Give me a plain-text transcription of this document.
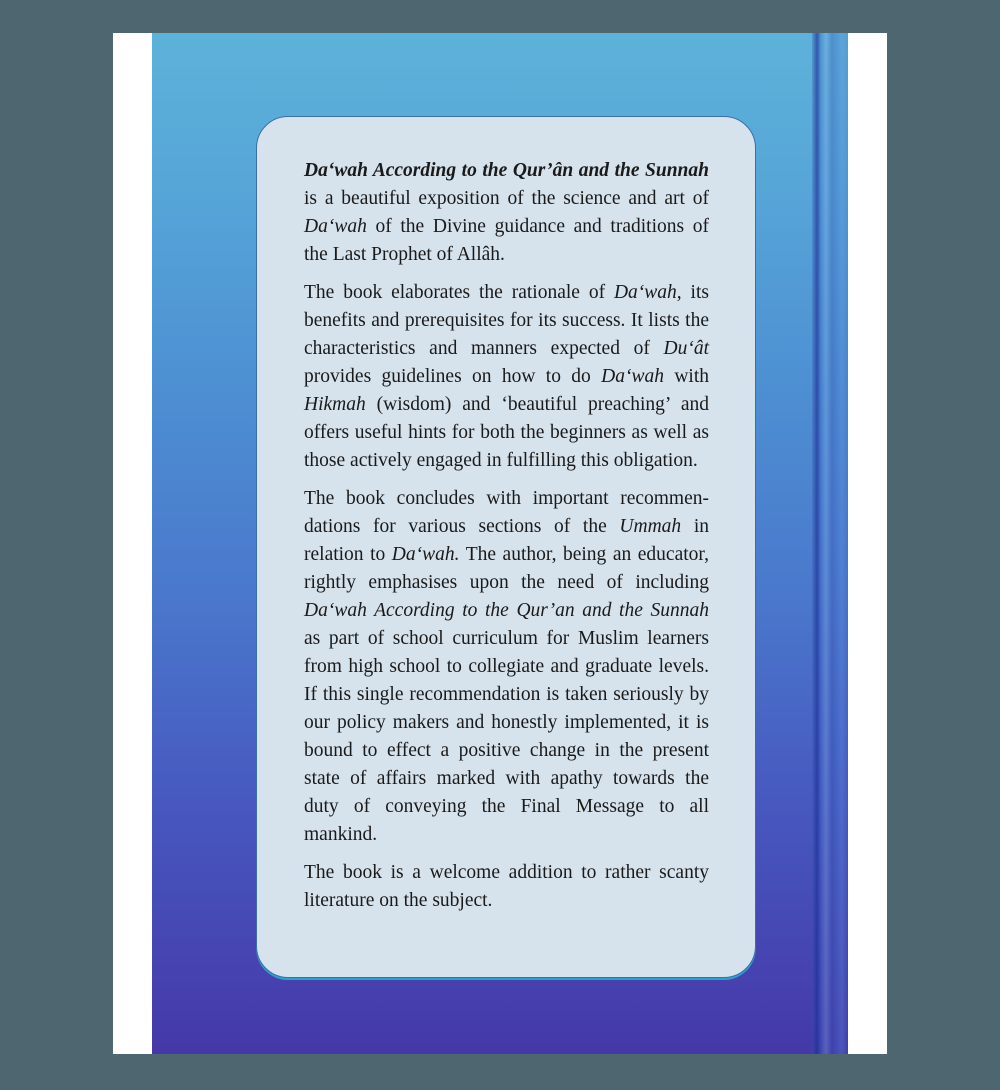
Da‘wah According to the Qur’ân and the Sunnah is a beautiful exposition of the science and art of Da‘wah of the Divine guidance and traditions of the Last Prophet of Allâh.

The book elaborates the rationale of Da‘wah, its benefits and prerequisites for its success. It lists the characteristics and manners expected of Du‘ât provides guidelines on how to do Da‘wah with Hikmah (wisdom) and ‘beautiful preaching’ and offers useful hints for both the beginners as well as those actively engaged in fulfilling this obligation.

The book concludes with important recommendations for various sections of the Ummah in relation to Da‘wah. The author, being an educator, rightly emphasises upon the need of including Da‘wah According to the Qur’an and the Sunnah as part of school curriculum for Muslim learners from high school to collegiate and graduate levels. If this single recommendation is taken seriously by our policy makers and honestly implemented, it is bound to effect a positive change in the present state of affairs marked with apathy towards the duty of conveying the Final Message to all mankind.

The book is a welcome addition to rather scanty literature on the subject.
